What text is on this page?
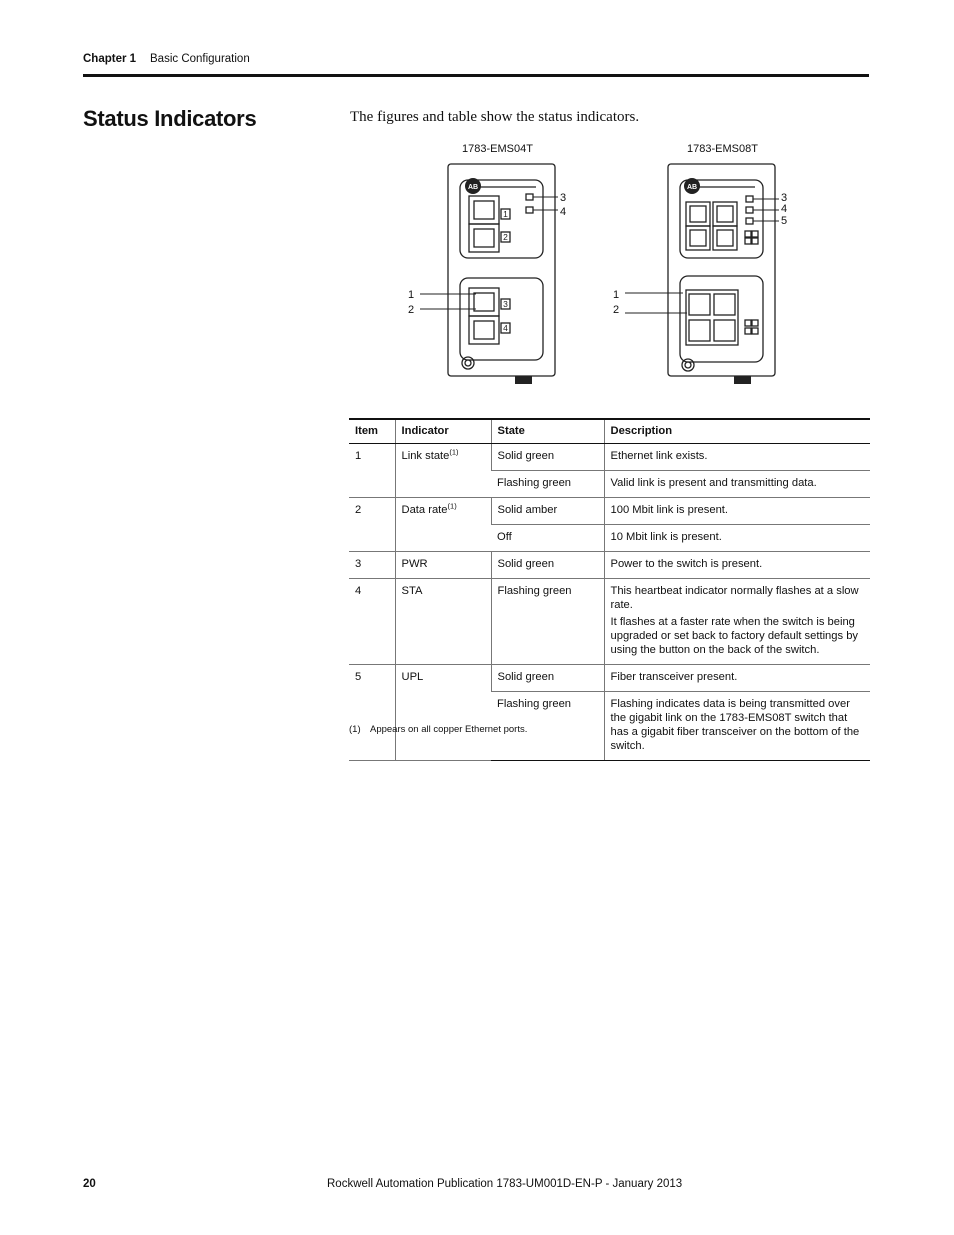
Chapter 1 Basic Configuration
Status Indicators	The figures and table show the status indicators.
1783-EMS04T
AB
1
2
3
4
3
4
1
2
1783-EMS08T
AB
3
4
5
1
2
Item	Indicator	State	Description
1	Link state$^{(1)}$	Solid green	Ethernet link exists.

		Flashing green	Valid link is present and transmitting data.

2	Data rate$^{(1)}$	Solid amber	100 Mbit link is present.

		Off	10 Mbit link is present.

3	PWR	Solid green	Power to the switch is present.

4	STA	Flashing green	This heartbeat indicator normally flashes at a slow rate.

It flashes at a faster rate when the switch is being upgraded or set back to factory default settings by using the button on the back of the switch.

5	UPL	Solid green	Fiber transceiver present.

		Flashing green	Flashing indicates data is being transmitted over the gigabit link on the 1783-EMS08T switch that has a gigabit fiber transceiver on the bottom of the switch.

(1) Appears on all copper Ethernet ports.
20	Rockwell Automation Publication 1783-UM001D-EN-P - January 2013
